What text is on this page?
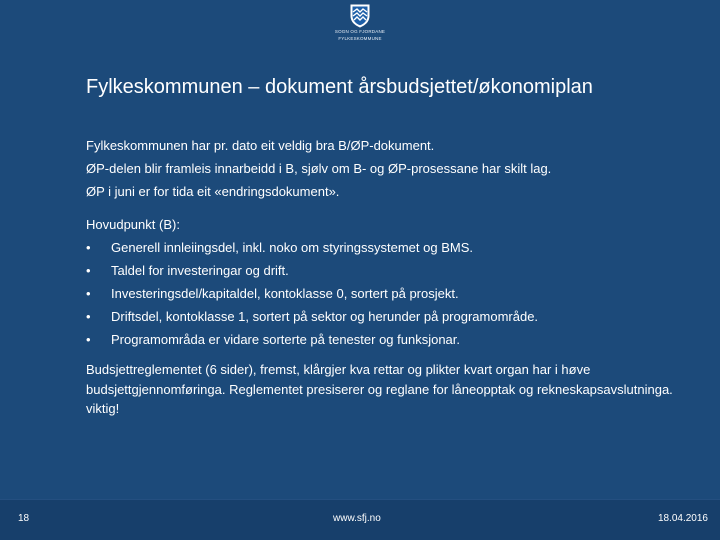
SOGN OG FJORDANE
FYLKESKOMMUNE
Fylkeskommunen – dokument årsbudsjettet/økonomiplan

Fylkeskommunen har pr. dato eit veldig bra B/ØP-dokument.

ØP-delen blir framleis innarbeidd i B, sjølv om B- og ØP-prosessane har skilt lag.

ØP i juni er for tida eit «endringsdokument».

Hovudpunkt (B):

• Generell innleiingsdel, inkl. noko om styringssystemet og BMS.
• Taldel for investeringar og drift.
• Investeringsdel/kapitaldel, kontoklasse 0, sortert på prosjekt.
• Driftsdel, kontoklasse 1, sortert på sektor og herunder på programområde.
• Programområda er vidare sorterte på tenester og funksjonar.

Budsjettreglementet (6 sider), fremst, klårgjer kva rettar og plikter kvart organ har i høve budsjettgjennomføringa. Reglementet presiserer og reglane for låneopptak og rekneskapsavslutninga. viktig!

18	www.sfj.no	18.04.2016
